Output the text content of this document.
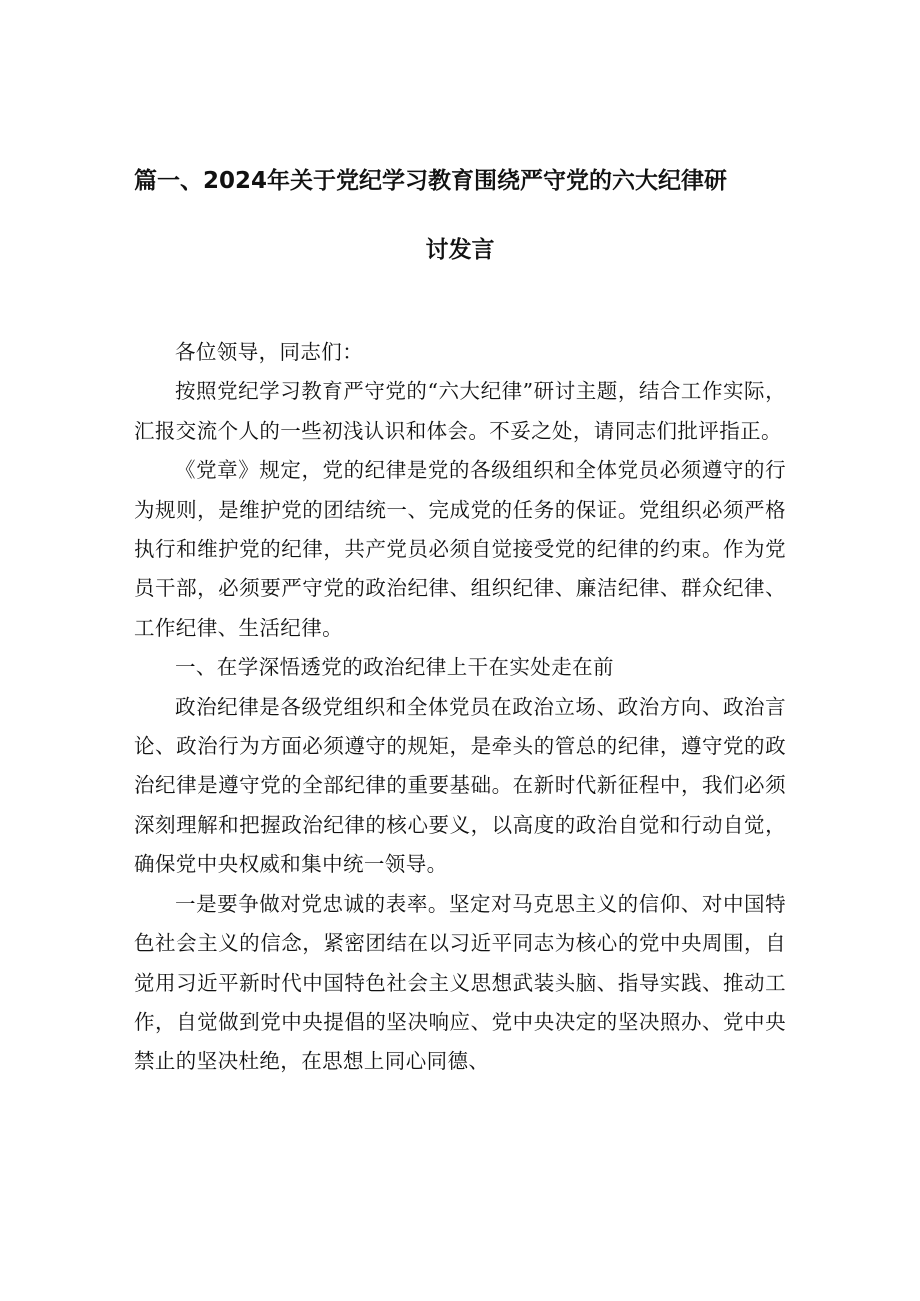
篇一、2024年关于党纪学习教育围绕严守党的六大纪律研
讨发言

各位领导，同志们：

按照党纪学习教育严守党的“六大纪律”研讨主题，结合工作实际，汇报交流个人的一些初浅认识和体会。不妥之处，请同志们批评指正。

《党章》规定，党的纪律是党的各级组织和全体党员必须遵守的行为规则，是维护党的团结统一、完成党的任务的保证。党组织必须严格执行和维护党的纪律，共产党员必须自觉接受党的纪律的约束。作为党员干部，必须要严守党的政治纪律、组织纪律、廉洁纪律、群众纪律、工作纪律、生活纪律。

一、在学深悟透党的政治纪律上干在实处走在前

政治纪律是各级党组织和全体党员在政治立场、政治方向、政治言论、政治行为方面必须遵守的规矩，是牵头的管总的纪律，遵守党的政治纪律是遵守党的全部纪律的重要基础。在新时代新征程中，我们必须深刻理解和把握政治纪律的核心要义，以高度的政治自觉和行动自觉，确保党中央权威和集中统一领导。

一是要争做对党忠诚的表率。坚定对马克思主义的信仰、对中国特色社会主义的信念，紧密团结在以习近平同志为核心的党中央周围，自觉用习近平新时代中国特色社会主义思想武装头脑、指导实践、推动工作，自觉做到党中央提倡的坚决响应、党中央决定的坚决照办、党中央禁止的坚决杜绝，在思想上同心同德、
